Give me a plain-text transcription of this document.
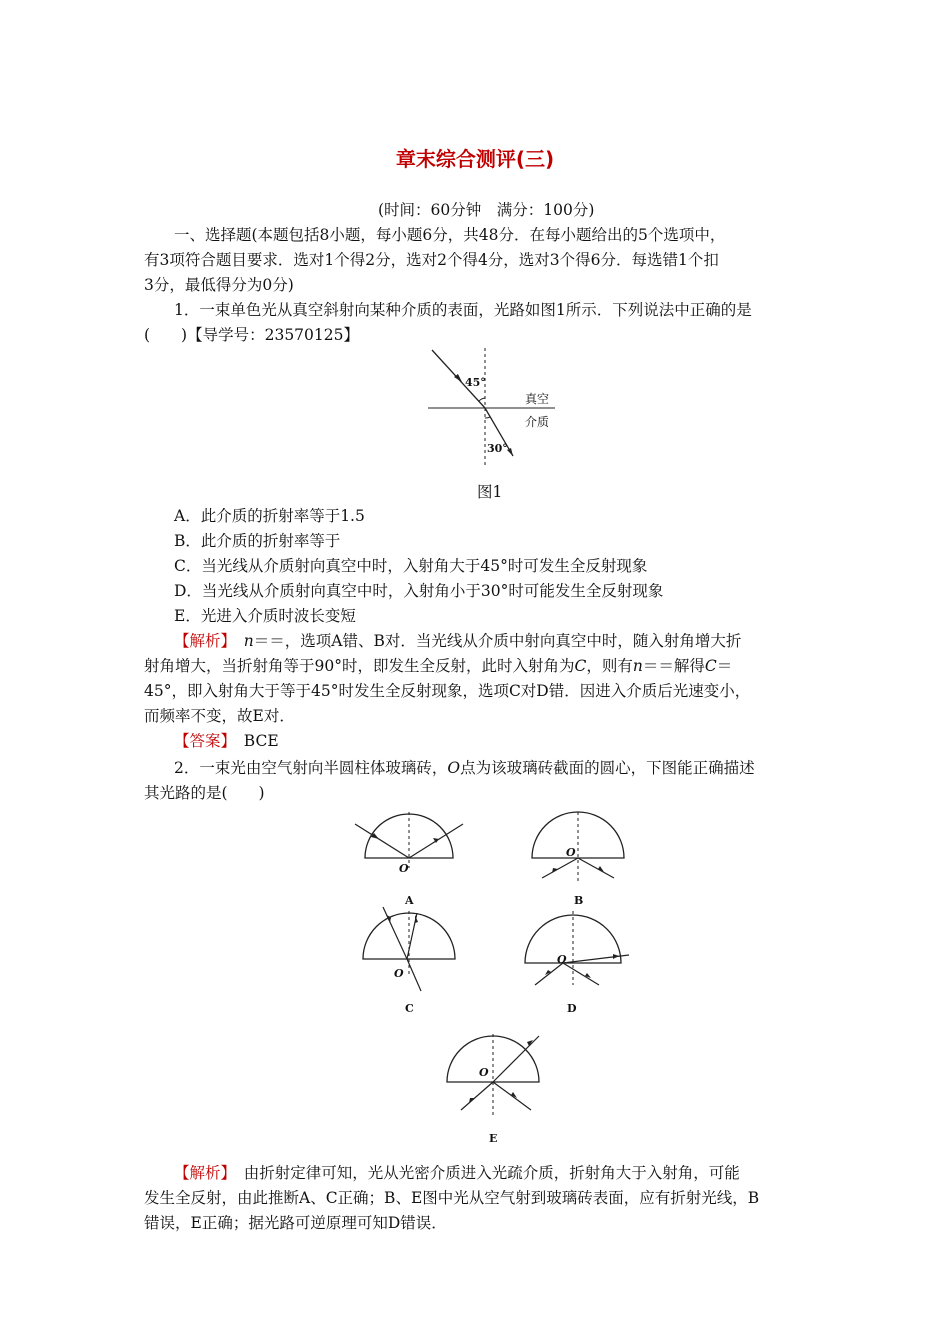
章末综合测评(三)
(时间：60分钟　满分：100分)
一、选择题(本题包括8小题，每小题6分，共48分．在每小题给出的5个选项中，
有3项符合题目要求．选对1个得2分，选对2个得4分，选对3个得6分．每选错1个扣
3分，最低得分为0分)
1．一束单色光从真空斜射向某种介质的表面，光路如图1所示．下列说法中正确的是
(　　)【导学号：23570125】
45°
30°
真空
介质
图1
A．此介质的折射率等于1.5
B．此介质的折射率等于
C．当光线从介质射向真空中时，入射角大于45°时可发生全反射现象
D．当光线从介质射向真空中时，入射角小于30°时可能发生全反射现象
E．光进入介质时波长变短
【解析】　 n＝＝，选项A错、B对．当光线从介质中射向真空中时，随入射角增大折
射角增大，当折射角等于90°时，即发生全反射，此时入射角为C，则有n＝＝解得C＝
45°，即入射角大于等于45°时发生全反射现象，选项C对D错．因进入介质后光速变小，
而频率不变，故E对．
【答案】　 BCE
2．一束光由空气射向半圆柱体玻璃砖，O点为该玻璃砖截面的圆心，下图能正确描述
其光路的是(　　)
O
A
O
B
O
C
O
D
O
E
【解析】　 由折射定律可知，光从光密介质进入光疏介质，折射角大于入射角，可能
发生全反射，由此推断A、C正确；B、E图中光从空气射到玻璃砖表面，应有折射光线，B
错误，E正确；据光路可逆原理可知D错误．
